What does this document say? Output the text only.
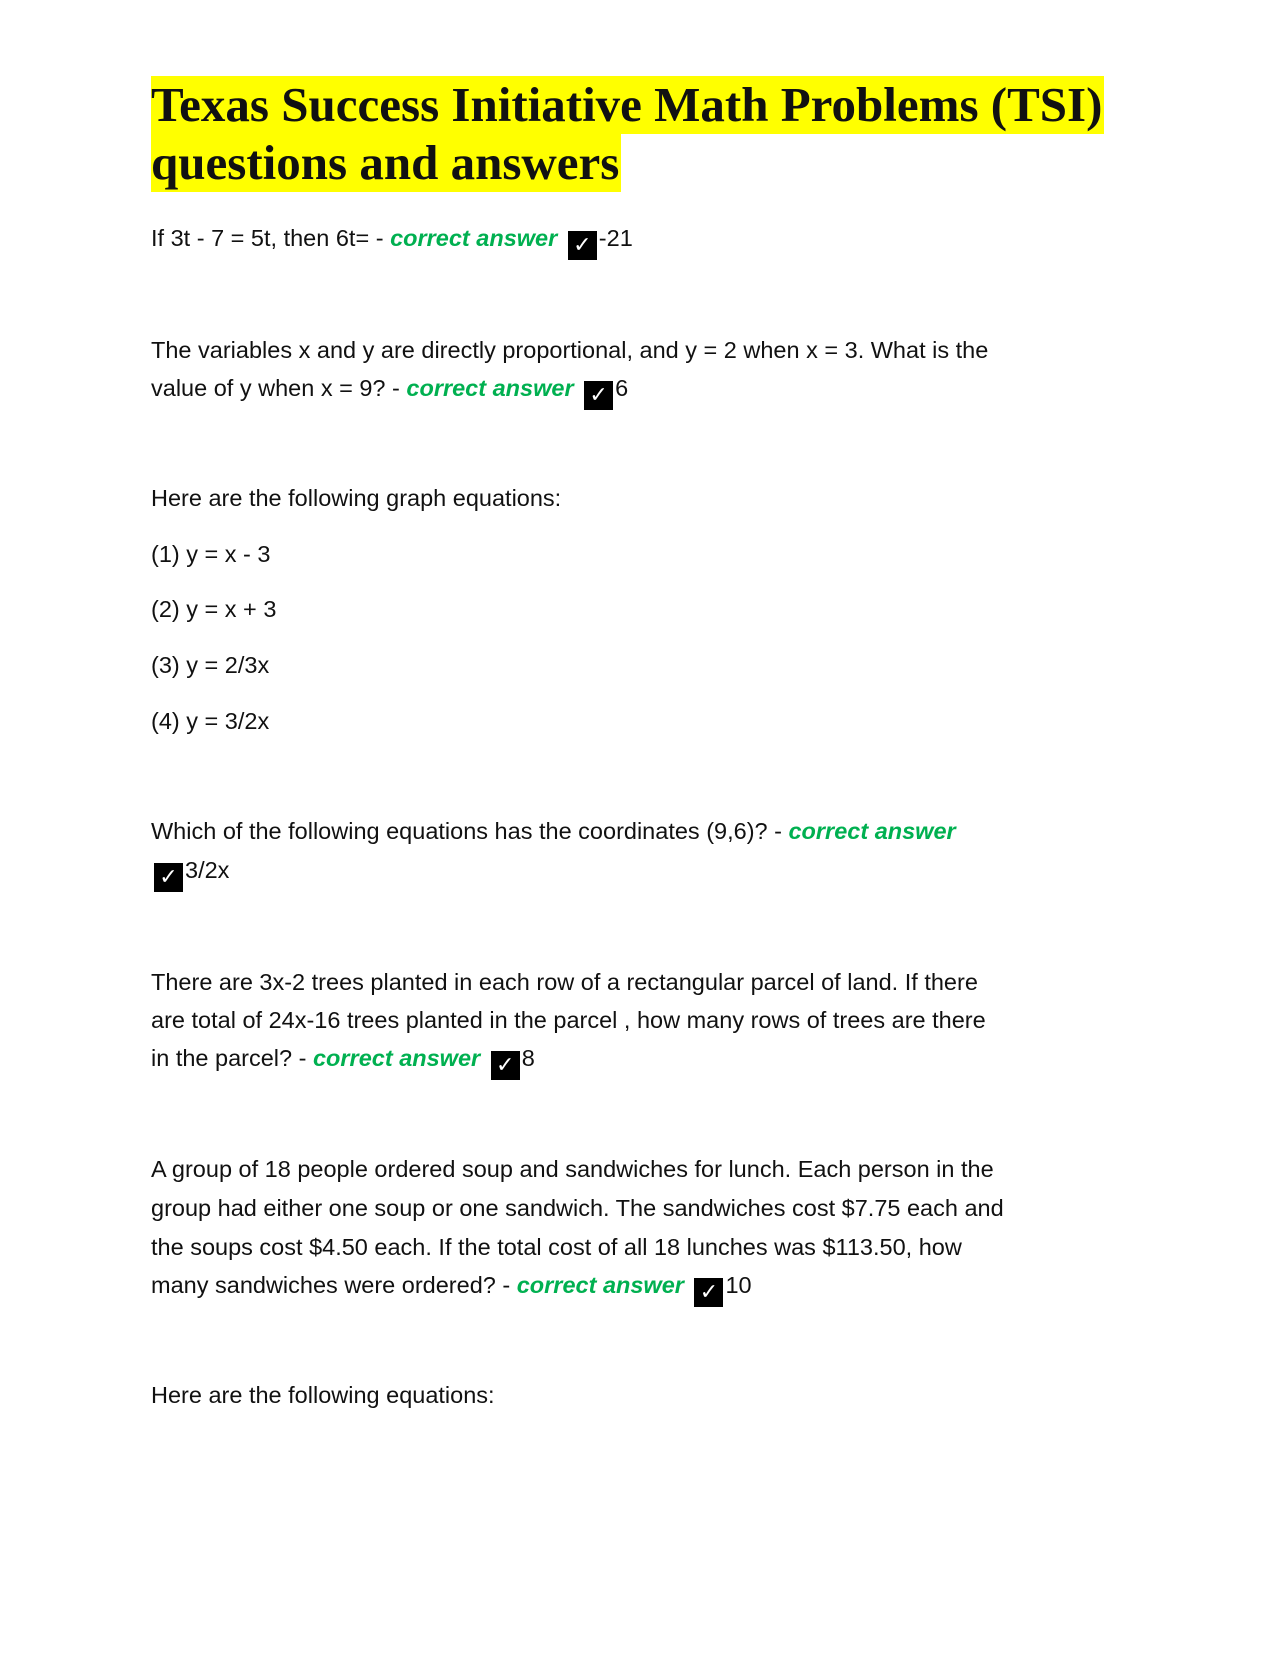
Texas Success Initiative Math Problems (TSI)
questions and answers
If 3t - 7 = 5t, then 6t= - correct answer ✓ -21
The variables x and y are directly proportional, and y = 2 when x = 3. What is the
value of y when x = 9? - correct answer ✓ 6
Here are the following graph equations:
(1) y = x - 3
(2) y = x + 3
(3) y = 2/3x
(4) y = 3/2x
Which of the following equations has the coordinates (9,6)? - correct answer
✓ 3/2x
There are 3x-2 trees planted in each row of a rectangular parcel of land. If there
are total of 24x-16 trees planted in the parcel , how many rows of trees are there
in the parcel? - correct answer ✓ 8
A group of 18 people ordered soup and sandwiches for lunch. Each person in the
group had either one soup or one sandwich. The sandwiches cost $7.75 each and
the soups cost $4.50 each. If the total cost of all 18 lunches was $113.50, how
many sandwiches were ordered? - correct answer ✓ 10
Here are the following equations:
